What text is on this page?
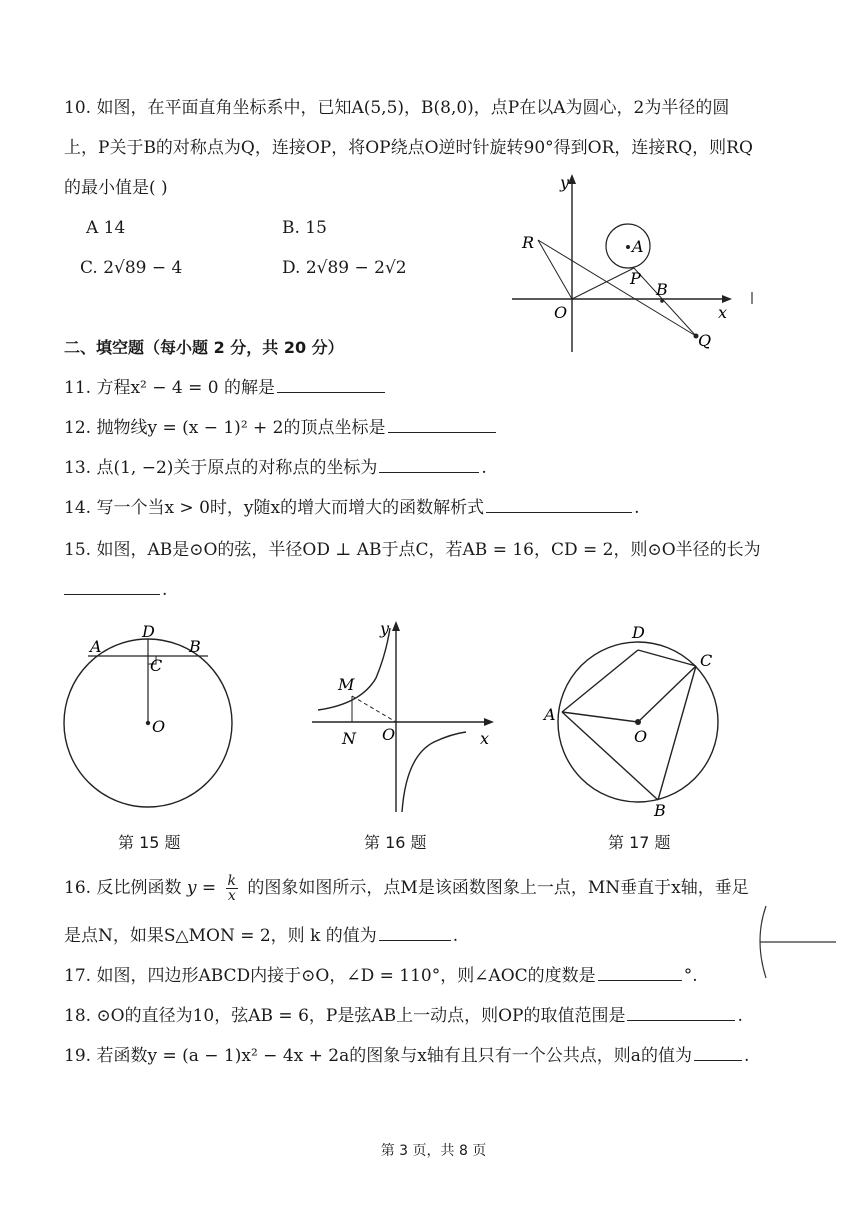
10. 如图，在平面直角坐标系中，已知A(5,5)，B(8,0)，点P在以A为圆心，2为半径的圆
上，P关于B的对称点为Q，连接OP，将OP绕点O逆时针旋转90°得到OR，连接RQ，则RQ
的最小值是( )
A 14	B. 15
C. 2√89 − 4	D. 2√89 − 2√2
y
x
O
R	A
P
B
Q
二、填空题（每小题 2 分，共 20 分）
11. 方程x² − 4 = 0 的解是
12. 抛物线y = (x − 1)² + 2的顶点坐标是
13. 点(1, −2)关于原点的对称点的坐标为	.
14. 写一个当x > 0时，y随x的增大而增大的函数解析式	.
15. 如图，AB是⊙O的弦，半径OD ⊥ AB于点C，若AB = 16，CD = 2，则⊙O半径的长为
.
A	B
D
C
O
M
N O
y
x
A
D
C
O
B
第 15 题	第 16 题	第 17 题
16. 反比例函数 $y = \frac{k}{x}$ 的图象如图所示，点M是该函数图象上一点，MN垂直于x轴，垂足
是点N，如果S△MON = 2，则 k 的值为	.
17. 如图，四边形ABCD内接于⊙O，∠D = 110°，则∠AOC的度数是	°.
18. ⊙O的直径为10，弦AB = 6，P是弦AB上一动点，则OP的取值范围是	.
19. 若函数y = (a − 1)x² − 4x + 2a的图象与x轴有且只有一个公共点，则a的值为	.
第 3 页，共 8 页
